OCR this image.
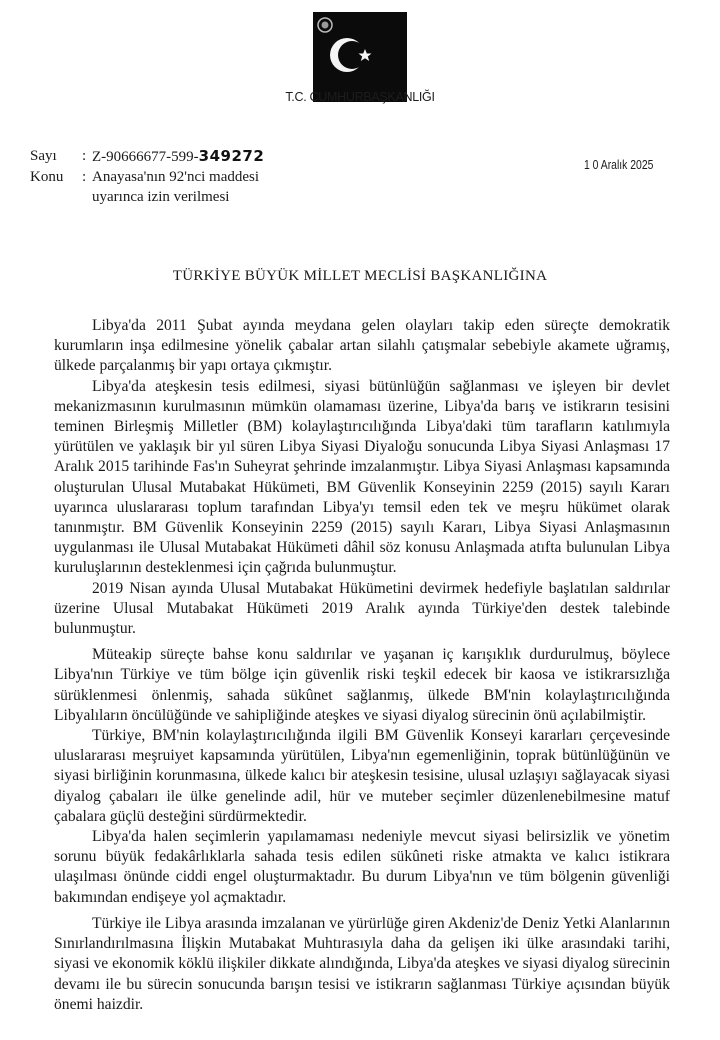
T.C. CUMHURBAŞKANLIĞI
Sayı	: Z-90666677-599-349272
Konu	: Anayasa'nın 92'nci maddesi
uyarınca izin verilmesi
1 0 Aralık 2025
TÜRKİYE BÜYÜK MİLLET MECLİSİ BAŞKANLIĞINA

Libya'da 2011 Şubat ayında meydana gelen olayları takip eden süreçte demokratik kurumların inşa edilmesine yönelik çabalar artan silahlı çatışmalar sebebiyle akamete uğramış, ülkede parçalanmış bir yapı ortaya çıkmıştır.

Libya'da ateşkesin tesis edilmesi, siyasi bütünlüğün sağlanması ve işleyen bir devlet mekanizmasının kurulmasının mümkün olamaması üzerine, Libya'da barış ve istikrarın tesisini teminen Birleşmiş Milletler (BM) kolaylaştırıcılığında Libya'daki tüm tarafların katılımıyla yürütülen ve yaklaşık bir yıl süren Libya Siyasi Diyaloğu sonucunda Libya Siyasi Anlaşması 17 Aralık 2015 tarihinde Fas'ın Suheyrat şehrinde imzalanmıştır. Libya Siyasi Anlaşması kapsamında oluşturulan Ulusal Mutabakat Hükümeti, BM Güvenlik Konseyinin 2259 (2015) sayılı Kararı uyarınca uluslararası toplum tarafından Libya'yı temsil eden tek ve meşru hükümet olarak tanınmıştır. BM Güvenlik Konseyinin 2259 (2015) sayılı Kararı, Libya Siyasi Anlaşmasının uygulanması ile Ulusal Mutabakat Hükümeti dâhil söz konusu Anlaşmada atıfta bulunulan Libya kuruluşlarının desteklenmesi için çağrıda bulunmuştur.

2019 Nisan ayında Ulusal Mutabakat Hükümetini devirmek hedefiyle başlatılan saldırılar üzerine Ulusal Mutabakat Hükümeti 2019 Aralık ayında Türkiye'den destek talebinde bulunmuştur.

Müteakip süreçte bahse konu saldırılar ve yaşanan iç karışıklık durdurulmuş, böylece Libya'nın Türkiye ve tüm bölge için güvenlik riski teşkil edecek bir kaosa ve istikrarsızlığa sürüklenmesi önlenmiş, sahada sükûnet sağlanmış, ülkede BM'nin kolaylaştırıcılığında Libyalıların öncülüğünde ve sahipliğinde ateşkes ve siyasi diyalog sürecinin önü açılabilmiştir.

Türkiye, BM'nin kolaylaştırıcılığında ilgili BM Güvenlik Konseyi kararları çerçevesinde uluslararası meşruiyet kapsamında yürütülen, Libya'nın egemenliğinin, toprak bütünlüğünün ve siyasi birliğinin korunmasına, ülkede kalıcı bir ateşkesin tesisine, ulusal uzlaşıyı sağlayacak siyasi diyalog çabaları ile ülke genelinde adil, hür ve muteber seçimler düzenlenebilmesine matuf çabalara güçlü desteğini sürdürmektedir.

Libya'da halen seçimlerin yapılamaması nedeniyle mevcut siyasi belirsizlik ve yönetim sorunu büyük fedakârlıklarla sahada tesis edilen sükûneti riske atmakta ve kalıcı istikrara ulaşılması önünde ciddi engel oluşturmaktadır. Bu durum Libya'nın ve tüm bölgenin güvenliği bakımından endişeye yol açmaktadır.

Türkiye ile Libya arasında imzalanan ve yürürlüğe giren Akdeniz'de Deniz Yetki Alanlarının Sınırlandırılmasına İlişkin Mutabakat Muhtırasıyla daha da gelişen iki ülke arasındaki tarihi, siyasi ve ekonomik köklü ilişkiler dikkate alındığında, Libya'da ateşkes ve siyasi diyalog sürecinin devamı ile bu sürecin sonucunda barışın tesisi ve istikrarın sağlanması Türkiye açısından büyük önemi haizdir.
